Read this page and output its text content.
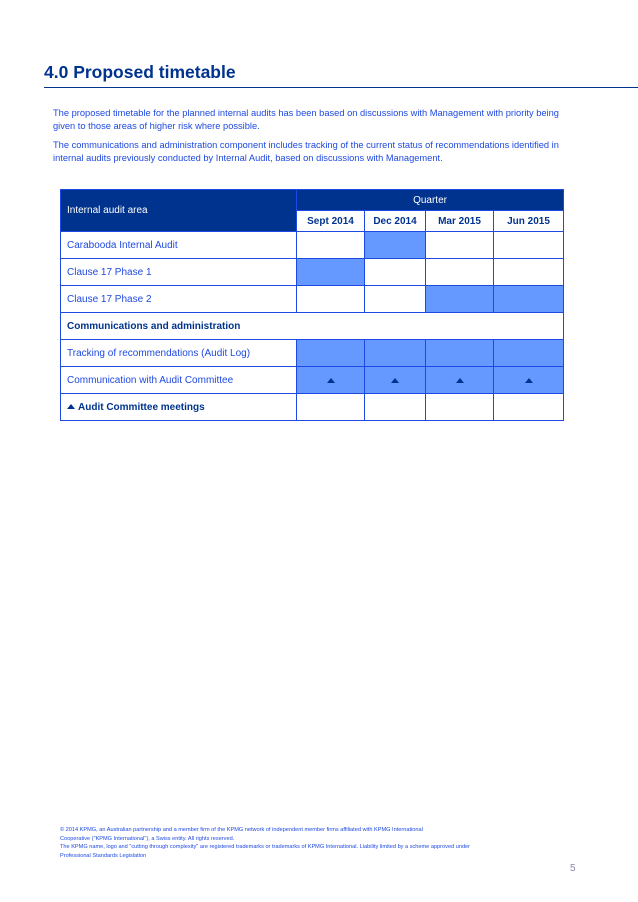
4.0 Proposed timetable

The proposed timetable for the planned internal audits has been based on discussions with Management with priority being given to those areas of higher risk where possible.

The communications and administration component includes tracking of the current status of recommendations identified in internal audits previously conducted by Internal Audit, based on discussions with Management.

Internal audit area	Quarter			
	Sept 2014	Dec 2014	Mar 2015	Jun 2015
Carabooda Internal Audit				
Clause 17 Phase 1				
Clause 17 Phase 2				
Communications and administration				
Tracking of recommendations (Audit Log)				
Communication with Audit Committee				
Audit Committee meetings				
© 2014 KPMG, an Australian partnership and a member firm of the KPMG network of independent member firms affiliated with KPMG International
Cooperative ("KPMG International"), a Swiss entity. All rights reserved.
The KPMG name, logo and "cutting through complexity" are registered trademarks or trademarks of KPMG International. Liability limited by a scheme approved under
Professional Standards Legislation
5
